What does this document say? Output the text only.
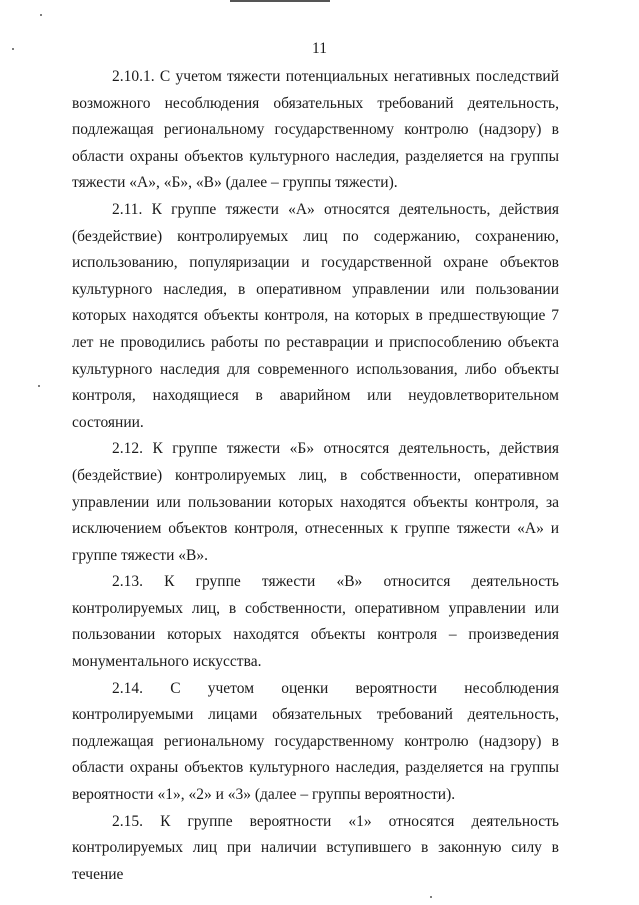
11

2.10.1. С учетом тяжести потенциальных негативных последствий возможного несоблюдения обязательных требований деятельность, подлежащая региональному государственному контролю (надзору) в области охраны объектов культурного наследия, разделяется на группы тяжести «А», «Б», «В» (далее – группы тяжести).

2.11. К группе тяжести «А» относятся деятельность, действия (бездействие) контролируемых лиц по содержанию, сохранению, использованию, популяризации и государственной охране объектов культурного наследия, в оперативном управлении или пользовании которых находятся объекты контроля, на которых в предшествующие 7 лет не проводились работы по реставрации и приспособлению объекта культурного наследия для современного использования, либо объекты контроля, находящиеся в аварийном или неудовлетворительном состоянии.

2.12. К группе тяжести «Б» относятся деятельность, действия (бездействие) контролируемых лиц, в собственности, оперативном управлении или пользовании которых находятся объекты контроля, за исключением объектов контроля, отнесенных к группе тяжести «А» и группе тяжести «В».

2.13. К группе тяжести «В» относится деятельность контролируемых лиц, в собственности, оперативном управлении или пользовании которых находятся объекты контроля – произведения монументального искусства.

2.14. С учетом оценки вероятности несоблюдения контролируемыми лицами обязательных требований деятельность, подлежащая региональному государственному контролю (надзору) в области охраны объектов культурного наследия, разделяется на группы вероятности «1», «2» и «3» (далее – группы вероятности).

2.15. К группе вероятности «1» относятся деятельность контролируемых лиц при наличии вступившего в законную силу в течение
